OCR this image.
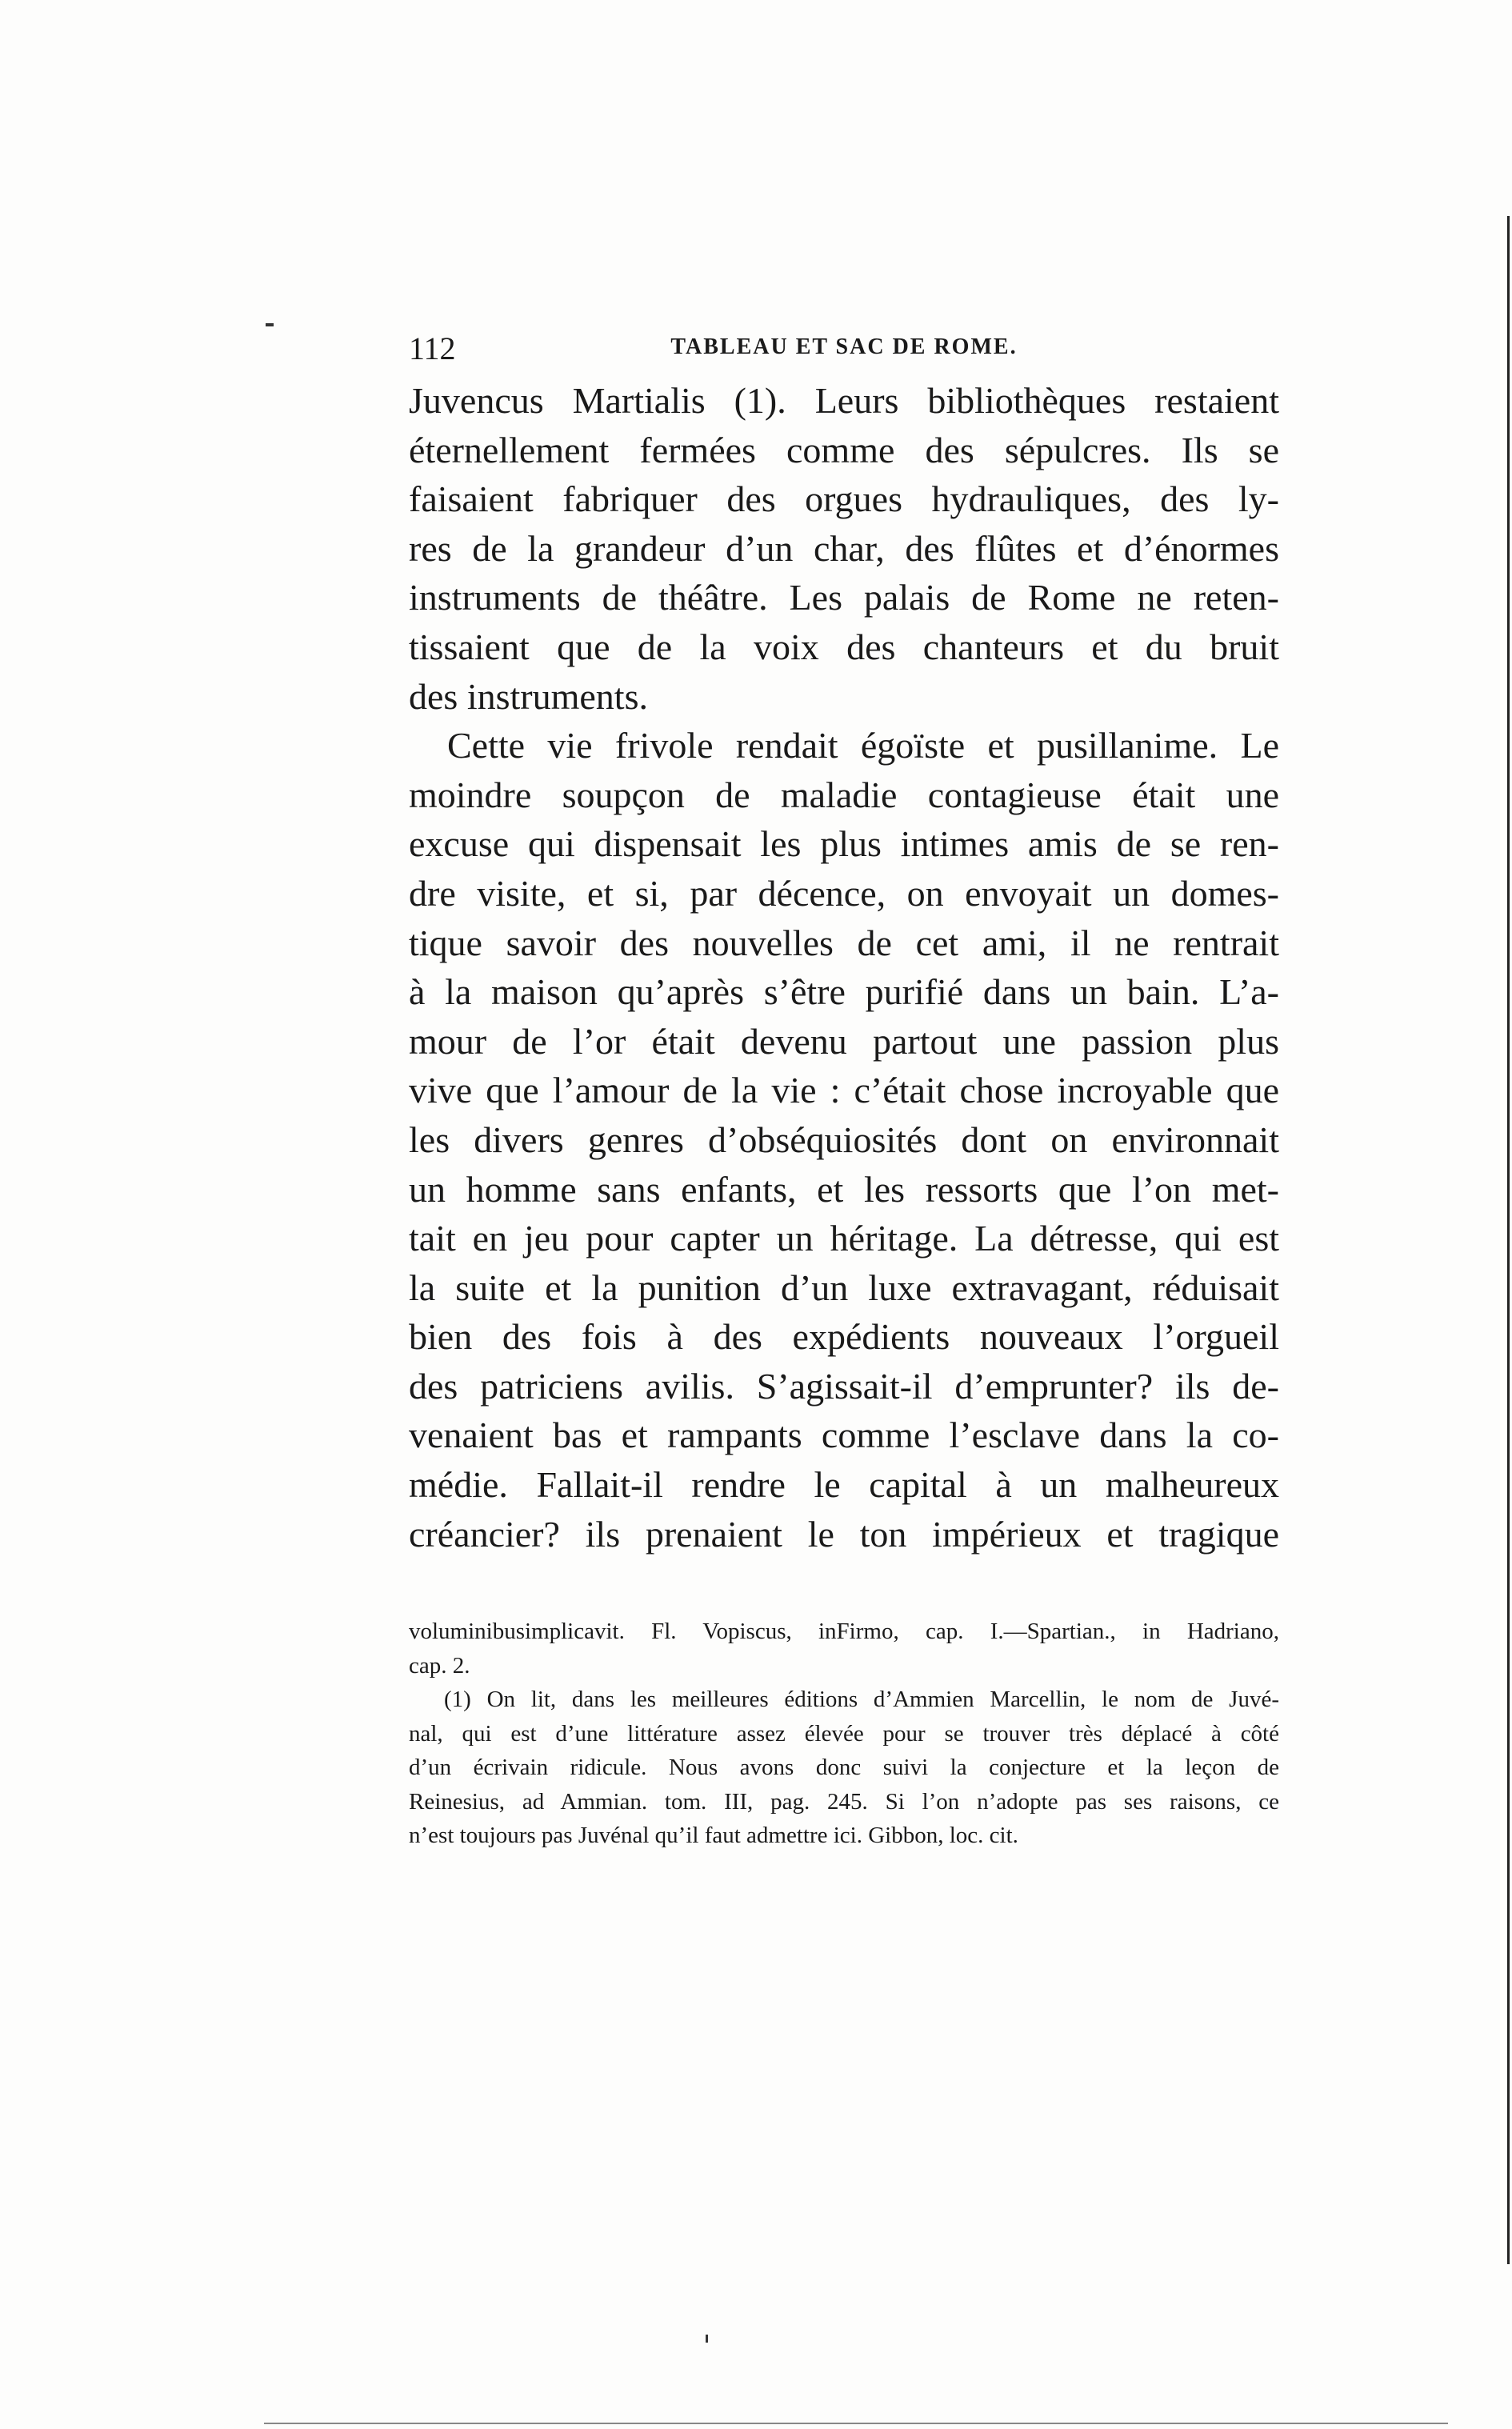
112	TABLEAU ET SAC DE ROME.
Juvencus Martialis (1). Leurs bibliothèques restaient
éternellement fermées comme des sépulcres. Ils se
faisaient fabriquer des orgues hydrauliques, des ly-
res de la grandeur d’un char, des flûtes et d’énormes
instruments de théâtre. Les palais de Rome ne reten-
tissaient que de la voix des chanteurs et du bruit
des instruments.
Cette vie frivole rendait égoïste et pusillanime. Le
moindre soupçon de maladie contagieuse était une
excuse qui dispensait les plus intimes amis de se ren-
dre visite, et si, par décence, on envoyait un domes-
tique savoir des nouvelles de cet ami, il ne rentrait
à la maison qu’après s’être purifié dans un bain. L’a-
mour de l’or était devenu partout une passion plus
vive que l’amour de la vie : c’était chose incroyable que
les divers genres d’obséquiosités dont on environnait
un homme sans enfants, et les ressorts que l’on met-
tait en jeu pour capter un héritage. La détresse, qui est
la suite et la punition d’un luxe extravagant, réduisait
bien des fois à des expédients nouveaux l’orgueil
des patriciens avilis. S’agissait-il d’emprunter? ils de-
venaient bas et rampants comme l’esclave dans la co-
médie. Fallait-il rendre le capital à un malheureux
créancier? ils prenaient le ton impérieux et tragique
voluminibusimplicavit. Fl. Vopiscus, inFirmo, cap. I.—Spartian., in Hadriano,
cap. 2.
(1) On lit, dans les meilleures éditions d’Ammien Marcellin, le nom de Juvé-
nal, qui est d’une littérature assez élevée pour se trouver très déplacé à côté
d’un écrivain ridicule. Nous avons donc suivi la conjecture et la leçon de
Reinesius, ad Ammian. tom. III, pag. 245. Si l’on n’adopte pas ses raisons, ce
n’est toujours pas Juvénal qu’il faut admettre ici. Gibbon, loc. cit.
